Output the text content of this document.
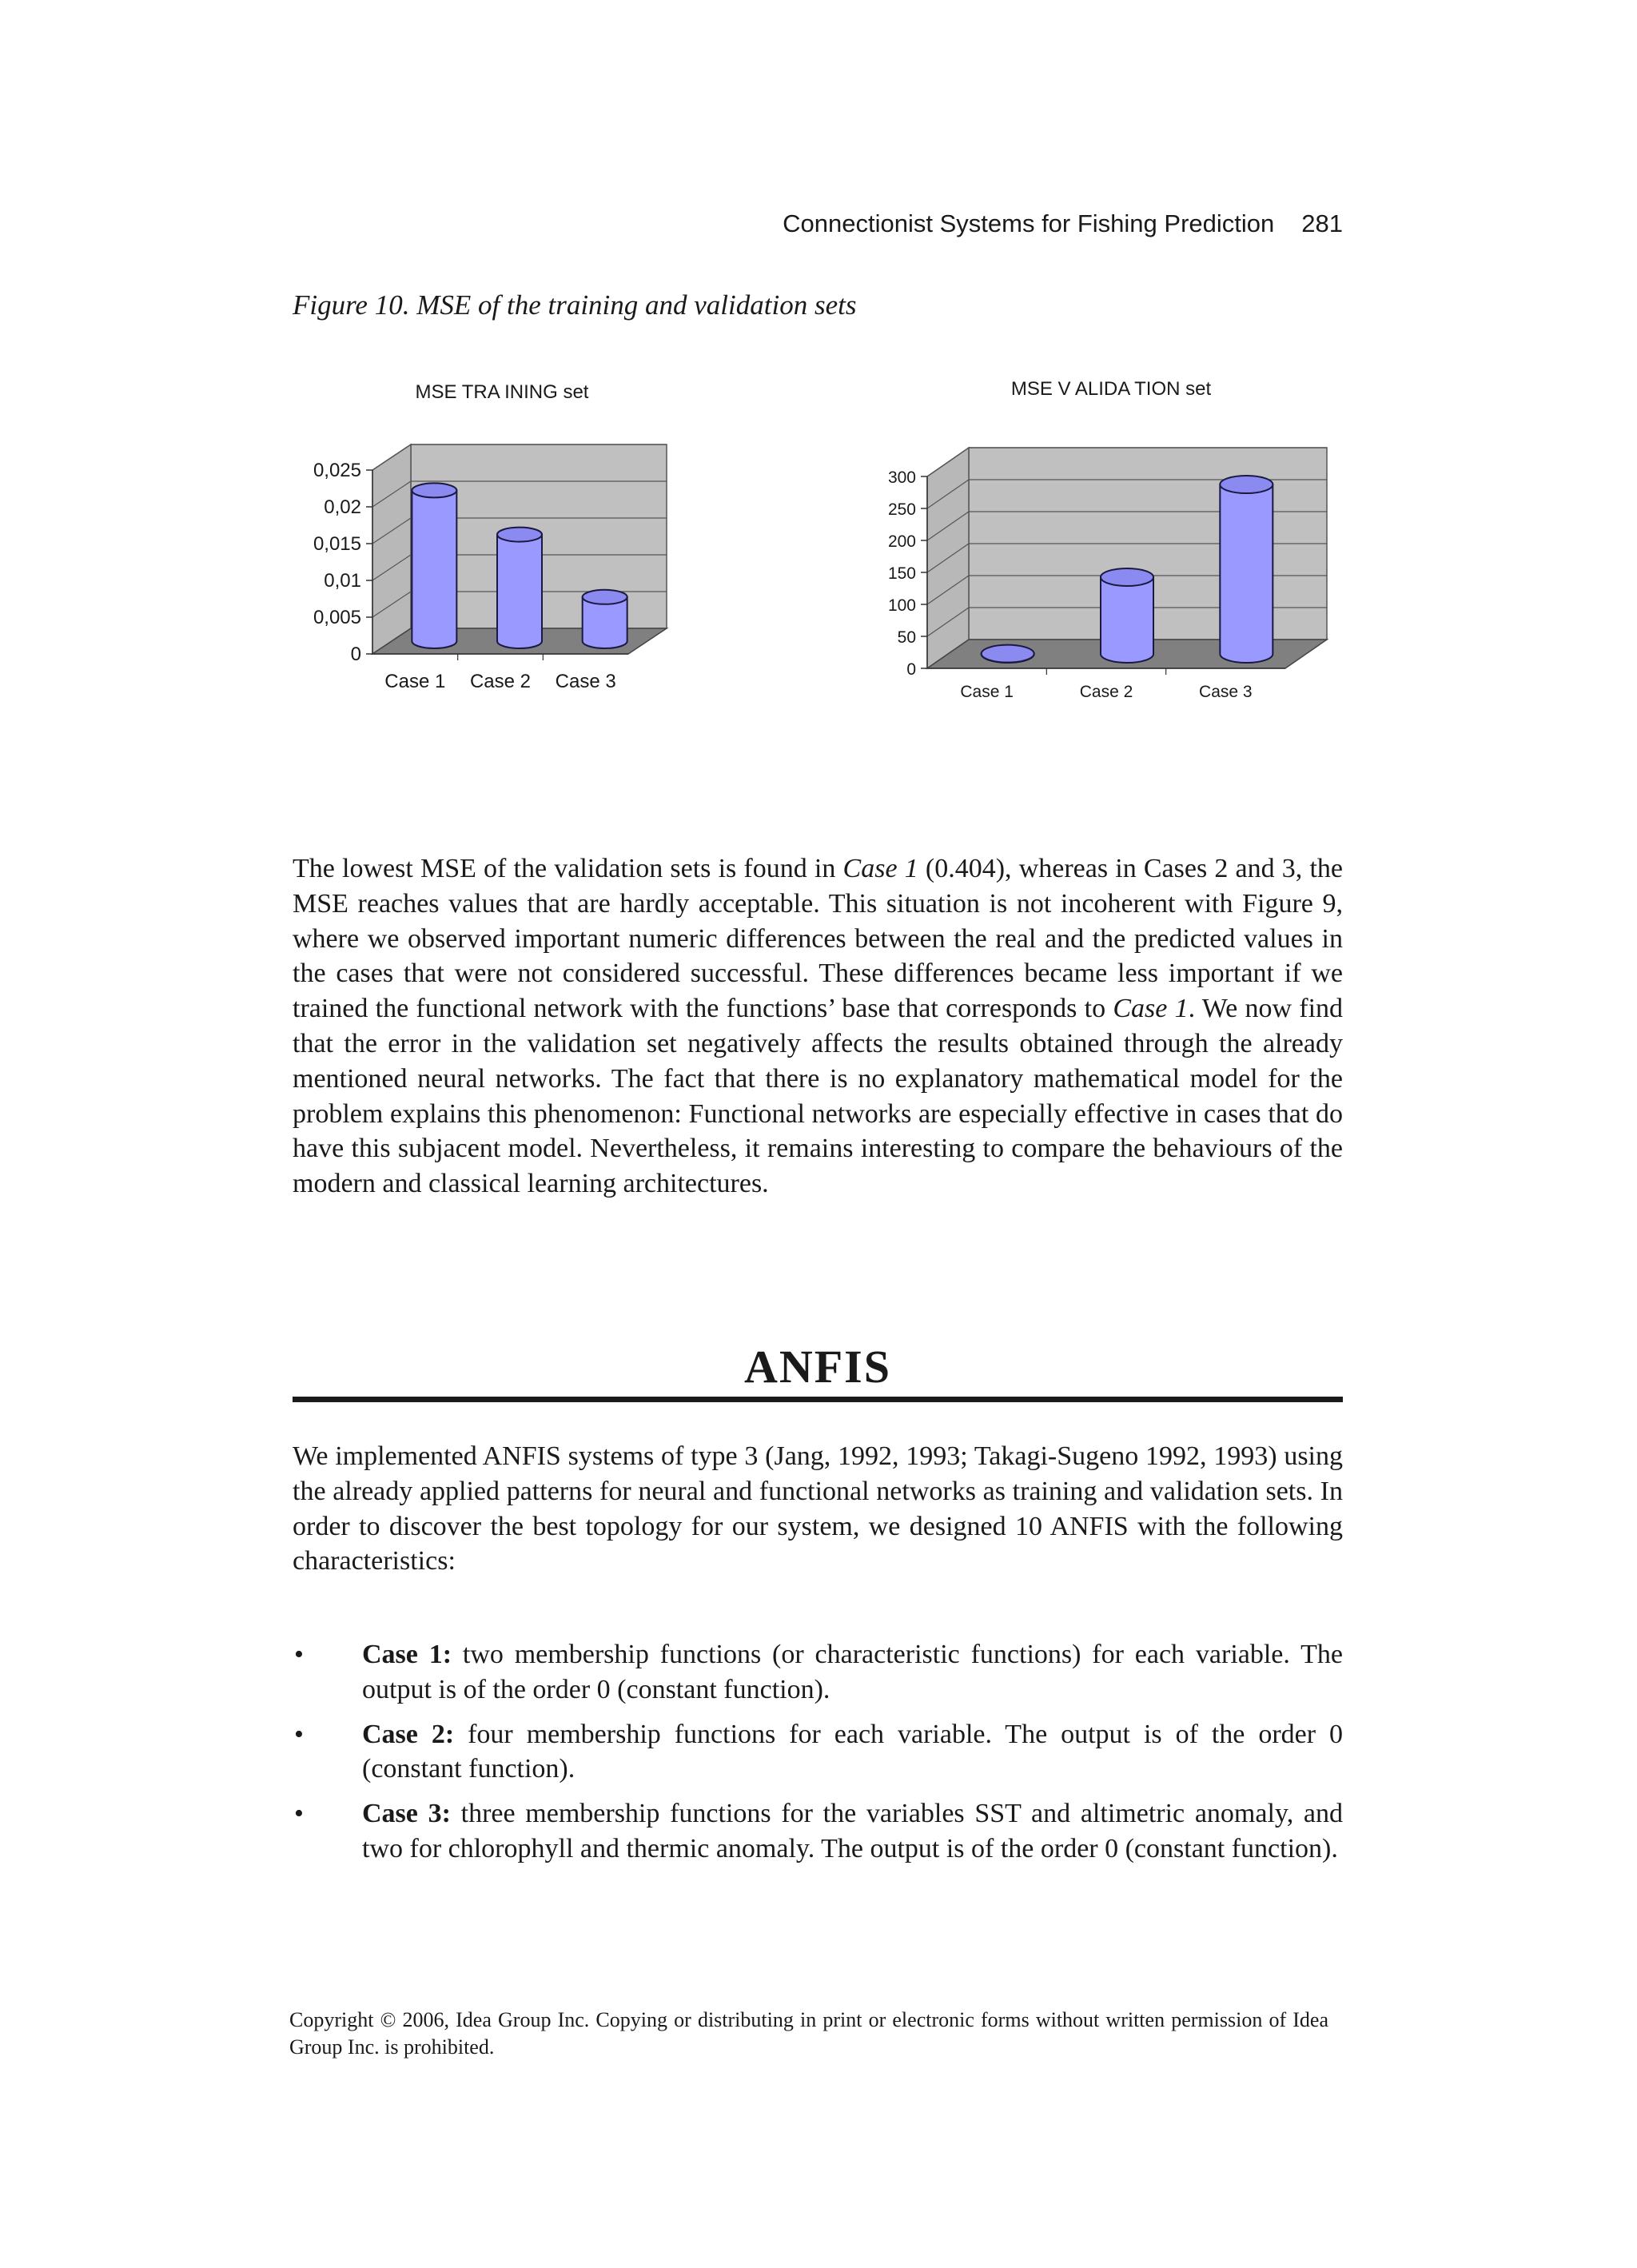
Connectionist Systems for Fishing Prediction 281
Figure 10. MSE of the training and validation sets
MSE TRA INING set
0
0,005
0,01
0,015
0,02
0,025
Case 1 Case 2 Case 3
MSE V ALIDA TION set
0
50
100
150
200
250
300
Case 1	Case 2	Case 3

The lowest MSE of the validation sets is found in Case 1 (0.404), whereas in Cases 2 and 3, the MSE reaches values that are hardly acceptable. This situation is not incoherent with Figure 9, where we observed important numeric differences between the real and the predicted values in the cases that were not considered successful. These differences became less important if we trained the functional network with the functions’ base that corresponds to Case 1. We now find that the error in the validation set negatively affects the results obtained through the already mentioned neural networks. The fact that there is no explanatory mathematical model for the problem explains this phenomenon: Functional networks are especially effective in cases that do have this subjacent model. Nevertheless, it remains interesting to compare the behaviours of the modern and classical learning architectures.

ANFIS

We implemented ANFIS systems of type 3 (Jang, 1992, 1993; Takagi-Sugeno 1992, 1993) using the already applied patterns for neural and functional networks as training and validation sets. In order to discover the best topology for our system, we designed 10 ANFIS with the following characteristics:

• Case 1: two membership functions (or characteristic functions) for each variable. The output is of the order 0 (constant function).
• Case 2: four membership functions for each variable. The output is of the order 0 (constant function).
• Case 3: three membership functions for the variables SST and altimetric anomaly, and two for chlorophyll and thermic anomaly. The output is of the order 0 (constant function).
Copyright © 2006, Idea Group Inc. Copying or distributing in print or electronic forms without written permission of Idea Group Inc. is prohibited.
